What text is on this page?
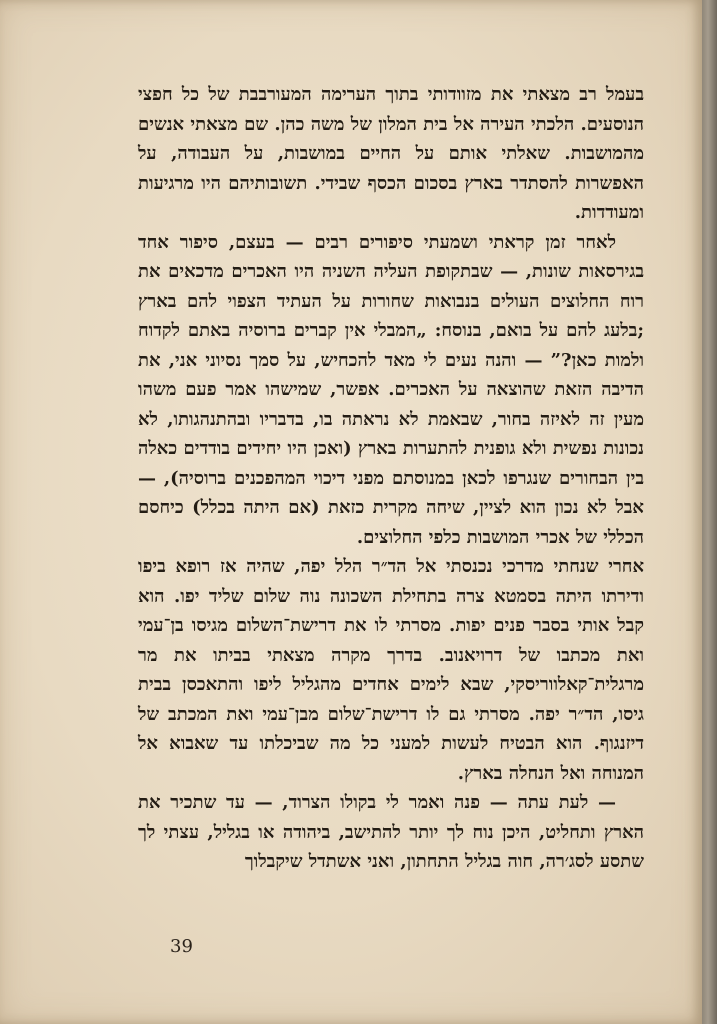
בעמל רב מצאתי את מזוודותי בתוך הערימה המעורבבת של כל חפצי הנוסעים. הלכתי העירה אל בית המלון של משה כהן. שם מצאתי אנשים מהמושבות. שאלתי אותם על החיים במושבות, על העבודה, על האפשרות להסתדר בארץ בסכום הכסף שבידי. תשובותיהם היו מרגיעות ומעודדות.

לאחר זמן קראתי ושמעתי סיפורים רבים — בעצם, סיפור אחד בגירסאות שונות, — שבתקופת העליה השניה היו האכרים מדכאים את רוח החלוצים העולים בנבואות שחורות על העתיד הצפוי להם בארץ ;בלעג להם על בואם, בנוסח: „המבלי אין קברים ברוסיה באתם לקדוח ולמות כאן?” — והנה נעים לי מאד להכחיש, על סמך נסיוני אני, את הדיבה הזאת שהוצאה על האכרים. אפשר, שמישהו אמר פעם משהו מעין זה לאיזה בחור, שבאמת לא נראתה בו, בדבריו ובהתנהגותו, לא נכונות נפשית ולא גופנית להתערות בארץ (ואכן היו יחידים בודדים כאלה בין הבחורים שנגרפו לכאן במנוסתם מפני דיכוי המהפכנים ברוסיה), — אבל לא נכון הוא לציין, שיחה מקרית כזאת (אם היתה בכלל) כיחסם הכללי של אכרי המושבות כלפי החלוצים.

אחרי שנחתי מדרכי נכנסתי אל הד״ר הלל יפה, שהיה אז רופא ביפו ודירתו היתה בסמטא צרה בתחילת השכונה נוה שלום שליד יפו. הוא קבל אותי בסבר פנים יפות. מסרתי לו את דרישת־השלום מגיסו בן־עמי ואת מכתבו של דרויאנוב. בדרך מקרה מצאתי בביתו את מר מרגלית־קאלווריסקי, שבא לימים אחדים מהגליל ליפו והתאכסן בבית גיסו, הד״ר יפה. מסרתי גם לו דרישת־שלום מבן־עמי ואת המכתב של דיזנגוף. הוא הבטיח לעשות למעני כל מה שביכלתו עד שאבוא אל המנוחה ואל הנחלה בארץ.

— לעת עתה — פנה ואמר לי בקולו הצרוד, — עד שתכיר את הארץ ותחליט, היכן נוח לך יותר להתישב, ביהודה או בגליל, עצתי לך שתסע לסג׳רה, חוה בגליל התחתון, ואני אשתדל שיקבלוך

39
